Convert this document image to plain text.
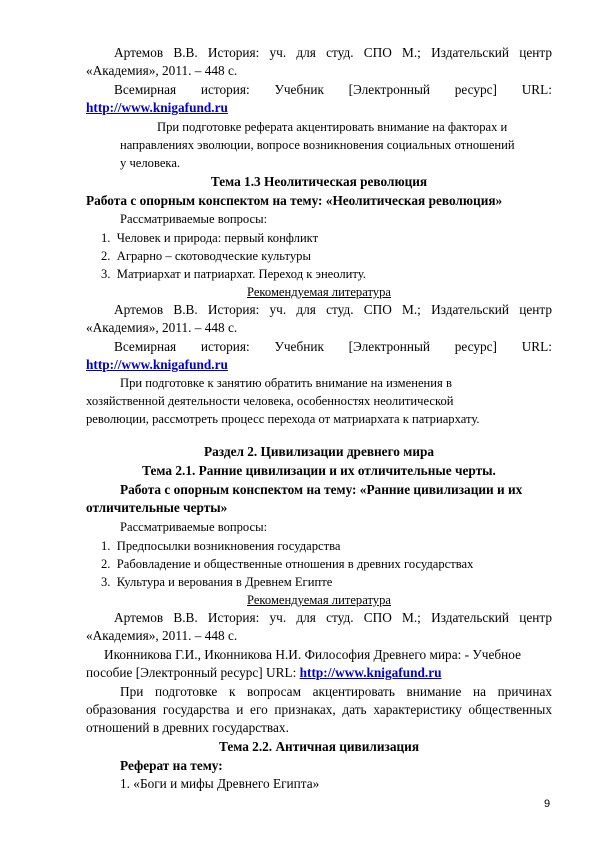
Артемов В.В. История: уч. для студ. СПО М.; Издательский центр
«Академия», 2011. – 448 с.
Всемирная история: Учебник [Электронный ресурс] URL:
http://www.knigafund.ru
При подготовке реферата акцентировать внимание на факторах и
направлениях эволюции, вопросе возникновения социальных отношений
у человека.
Тема 1.3 Неолитическая революция
Работа с опорным конспектом на тему: «Неолитическая революция»
Рассматриваемые вопросы:
1.  Человек и природа: первый конфликт
2.  Аграрно – скотоводческие культуры
3.  Матриархат и патриархат. Переход к энеолиту.
Рекомендуемая литература
Артемов В.В. История: уч. для студ. СПО М.; Издательский центр
«Академия», 2011. – 448 с.
Всемирная история: Учебник [Электронный ресурс] URL:
http://www.knigafund.ru
При подготовке к занятию обратить внимание на изменения в
хозяйственной деятельности человека, особенностях неолитической
революции, рассмотреть процесс перехода от матриархата к патриархату.
Раздел 2. Цивилизации древнего мира
Тема 2.1. Ранние цивилизации и их отличительные черты.
Работа с опорным конспектом на тему: «Ранние цивилизации и их
отличительные черты»
Рассматриваемые вопросы:
1.  Предпосылки возникновения государства
2.  Рабовладение и общественные отношения в древних государствах
3.  Культура и верования в Древнем Египте
Рекомендуемая литература
Артемов В.В. История: уч. для студ. СПО М.; Издательский центр
«Академия», 2011. – 448 с.
Иконникова Г.И., Иконникова Н.И. Философия Древнего мира: - Учебное
пособие [Электронный ресурс] URL: http://www.knigafund.ru
При подготовке к вопросам акцентировать внимание на причинах
образования государства и его признаках, дать характеристику общественных
отношений в древних государствах.
Тема 2.2. Античная цивилизация
Реферат на тему:
1. «Боги и мифы Древнего Египта»
9
